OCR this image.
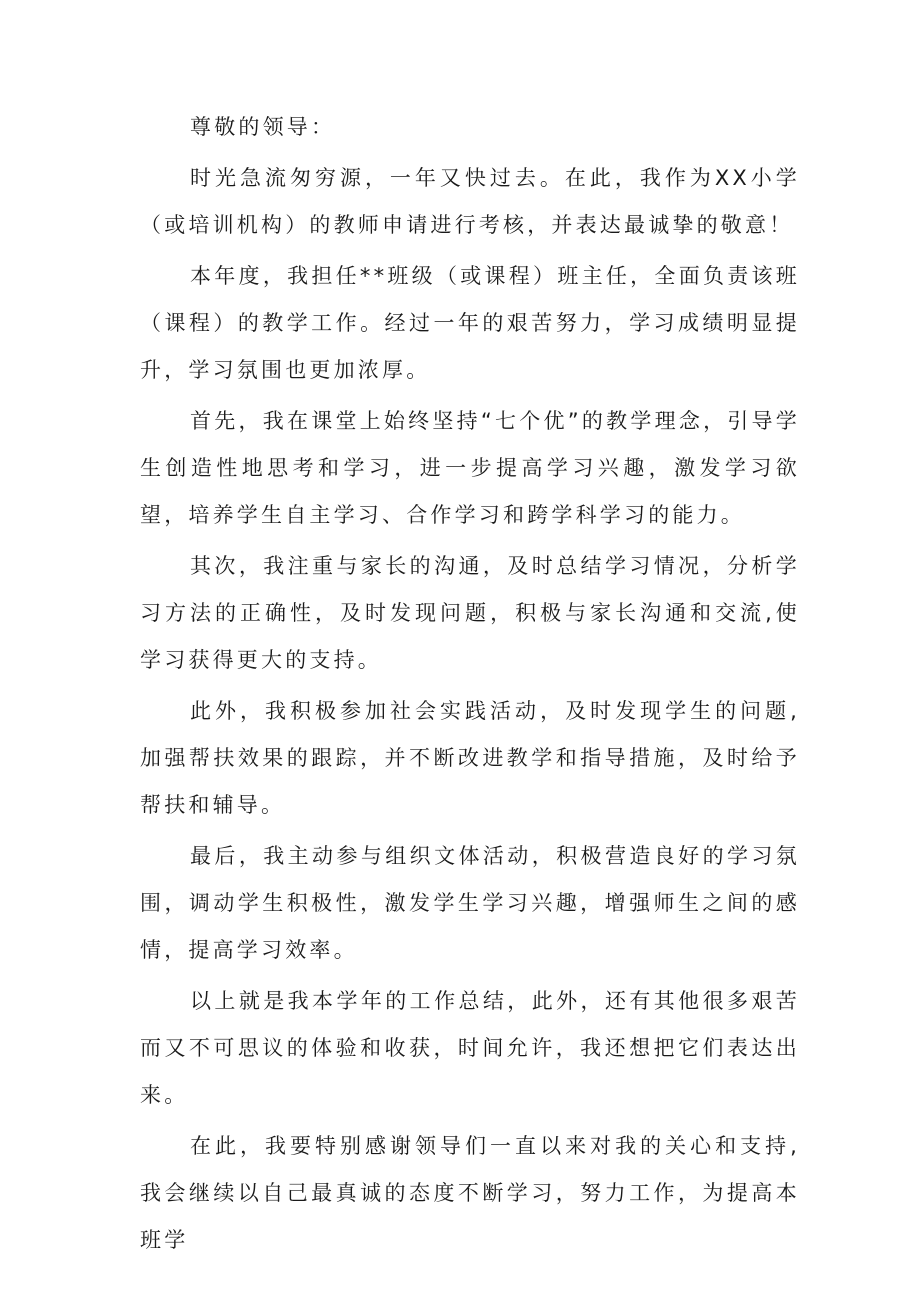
尊敬的领导：

时光急流匆穷源，一年又快过去。在此，我作为XX小学（或培训机构）的教师申请进行考核，并表达最诚挚的敬意！

本年度，我担任**班级（或课程）班主任，全面负责该班（课程）的教学工作。经过一年的艰苦努力，学习成绩明显提升，学习氛围也更加浓厚。

首先，我在课堂上始终坚持“七个优”的教学理念，引导学生创造性地思考和学习，进一步提高学习兴趣，激发学习欲望，培养学生自主学习、合作学习和跨学科学习的能力。

其次，我注重与家长的沟通，及时总结学习情况，分析学习方法的正确性，及时发现问题，积极与家长沟通和交流,使学习获得更大的支持。

此外，我积极参加社会实践活动，及时发现学生的问题,加强帮扶效果的跟踪，并不断改进教学和指导措施，及时给予帮扶和辅导。

最后，我主动参与组织文体活动，积极营造良好的学习氛围，调动学生积极性，激发学生学习兴趣，增强师生之间的感情，提高学习效率。

以上就是我本学年的工作总结，此外，还有其他很多艰苦而又不可思议的体验和收获，时间允许，我还想把它们表达出来。

在此，我要特别感谢领导们一直以来对我的关心和支持,我会继续以自己最真诚的态度不断学习，努力工作，为提高本班学
